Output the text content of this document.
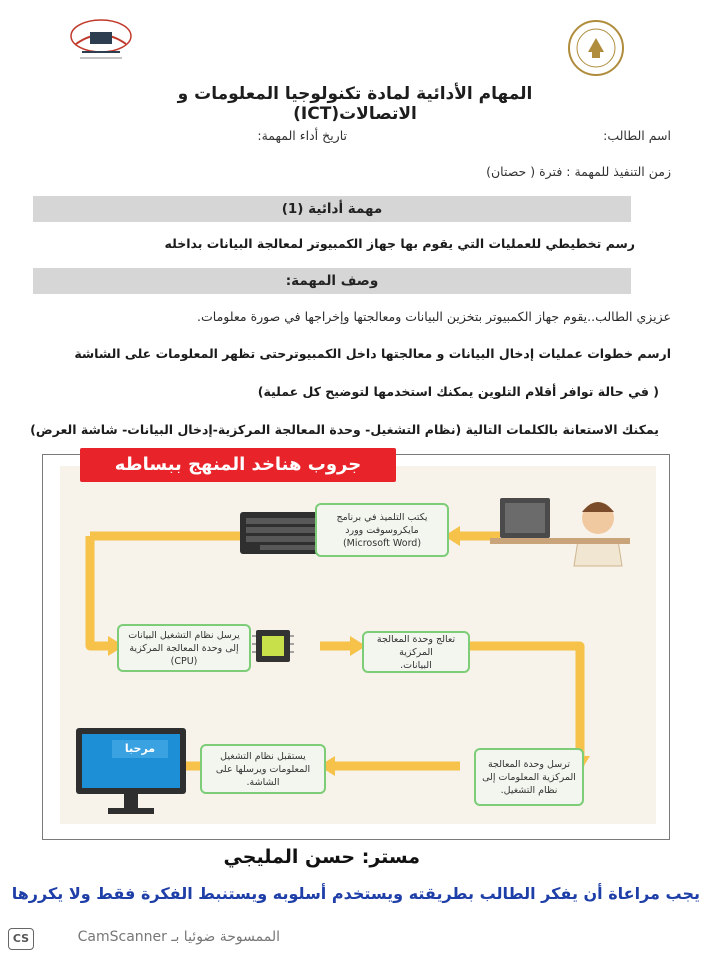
المهام الأدائية لمادة تكنولوجيا المعلومات و الاتصالات(ICT)
اسم الطالب:
تاريخ أداء المهمة:
زمن التنفيذ للمهمة : فترة ( حصتان)
مهمة أدائية (1)
رسم تخطيطي للعمليات التي يقوم بها جهاز الكمبيوتر لمعالجة البيانات بداخله
وصف المهمة:
عزيزي الطالب..يقوم جهاز الكمبيوتر بتخزين البيانات ومعالجتها وإخراجها في صورة معلومات.
ارسم خطوات عمليات إدخال البيانات و معالجتها داخل الكمبيوترحتى تظهر المعلومات على الشاشة
( في حالة توافر أقلام التلوين يمكنك استخدمها لتوضيح كل عملية)
يمكنك الاستعانة بالكلمات التالية (نظام التشغيل- وحدة المعالجة المركزية-إدخال البيانات- شاشة العرض)
مرحبا
يكتب التلميذ في برنامج
مايكروسوفت وورد
(Microsoft Word)
تعالج وحدة المعالجة المركزية
البيانات.
يرسل نظام التشغيل البيانات
إلى وحدة المعالجة المركزية
(CPU)
ترسل وحدة المعالجة
المركزية المعلومات إلى
نظام التشغيل.
يستقبل نظام التشغيل
المعلومات ويرسلها على
الشاشة.
جروب هناخد المنهج ببساطه
مستر: حسن المليجي
يجب مراعاة أن يفكر الطالب بطريقته ويستخدم أسلوبه ويستنبط الفكرة فقط ولا يكررها
CS	الممسوحة ضوئيا بـ CamScanner
